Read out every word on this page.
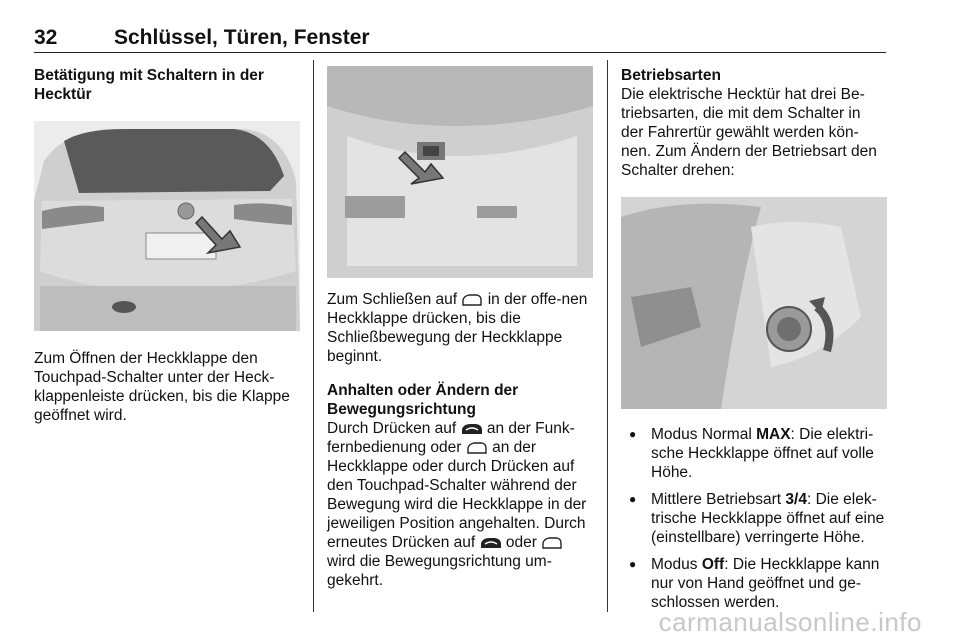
32	Schlüssel, Türen, Fenster

Betätigung mit Schaltern in der Hecktür

Zum Öffnen der Heckklappe den Touchpad-Schalter unter der Heck-klappenleiste drücken, bis die Klappe geöffnet wird.

Zum Schließen auf in der offe-nen Heckklappe drücken, bis die Schließbewegung der Heckklappe beginnt.

Anhalten oder Ändern der Bewegungsrichtung

Durch Drücken auf an der Funk-fernbedienung oder an der Heckklappe oder durch Drücken auf den Touchpad-Schalter während der Bewegung wird die Heckklappe in der jeweiligen Position angehalten. Durch erneutes Drücken auf oder  wird die Bewegungsrichtung um-gekehrt.

Betriebsarten

Die elektrische Hecktür hat drei Be-triebsarten, die mit dem Schalter in der Fahrertür gewählt werden kön-nen. Zum Ändern der Betriebsart den Schalter drehen:

● Modus Normal MAX: Die elektri-sche Heckklappe öffnet auf volle Höhe.
● Mittlere Betriebsart 3/4: Die elek-trische Heckklappe öffnet auf eine (einstellbare) verringerte Höhe.
● Modus Off: Die Heckklappe kann nur von Hand geöffnet und ge-schlossen werden.
carmanualsonline.info
